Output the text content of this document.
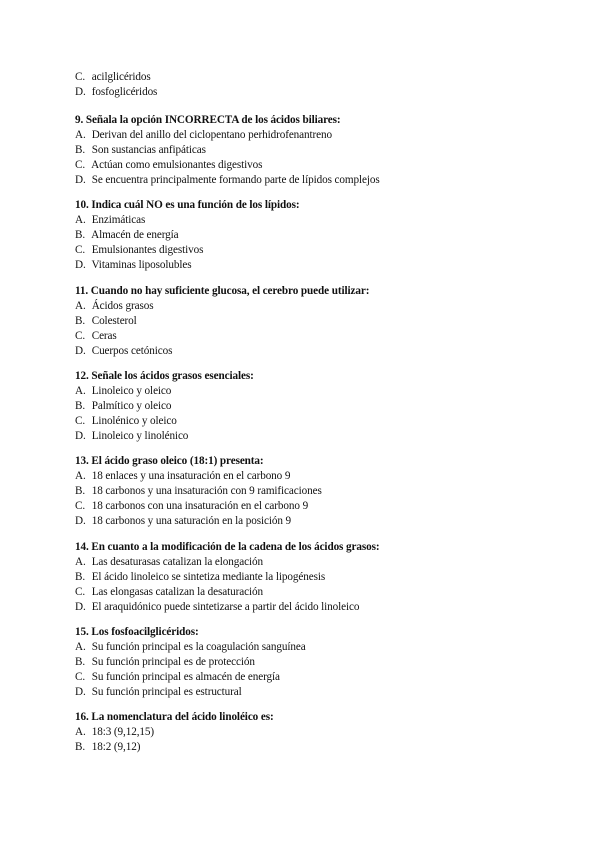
C. acilglicéridos
D. fosfoglicéridos
9. Señala la opción INCORRECTA de los ácidos biliares:
A. Derivan del anillo del ciclopentano perhidrofenantreno
B. Son sustancias anfipáticas
C. Actúan como emulsionantes digestivos
D. Se encuentra principalmente formando parte de lípidos complejos
10. Indica cuál NO es una función de los lípidos:
A. Enzimáticas
B. Almacén de energía
C. Emulsionantes digestivos
D. Vitaminas liposolubles
11. Cuando no hay suficiente glucosa, el cerebro puede utilizar:
A. Ácidos grasos
B. Colesterol
C. Ceras
D. Cuerpos cetónicos
12. Señale los ácidos grasos esenciales:
A. Linoleico y oleico
B. Palmítico y oleico
C. Linolénico y oleico
D. Linoleico y linolénico
13. El ácido graso oleico (18:1) presenta:
A. 18 enlaces y una insaturación en el carbono 9
B. 18 carbonos y una insaturación con 9 ramificaciones
C. 18 carbonos con una insaturación en el carbono 9
D. 18 carbonos y una saturación en la posición 9
14. En cuanto a la modificación de la cadena de los ácidos grasos:
A. Las desaturasas catalizan la elongación
B. El ácido linoleico se sintetiza mediante la lipogénesis
C. Las elongasas catalizan la desaturación
D. El araquidónico puede sintetizarse a partir del ácido linoleico
15. Los fosfoacilglicéridos:
A. Su función principal es la coagulación sanguínea
B. Su función principal es de protección
C. Su función principal es almacén de energía
D. Su función principal es estructural
16. La nomenclatura del ácido linoléico es:
A. 18:3 (9,12,15)
B. 18:2 (9,12)
